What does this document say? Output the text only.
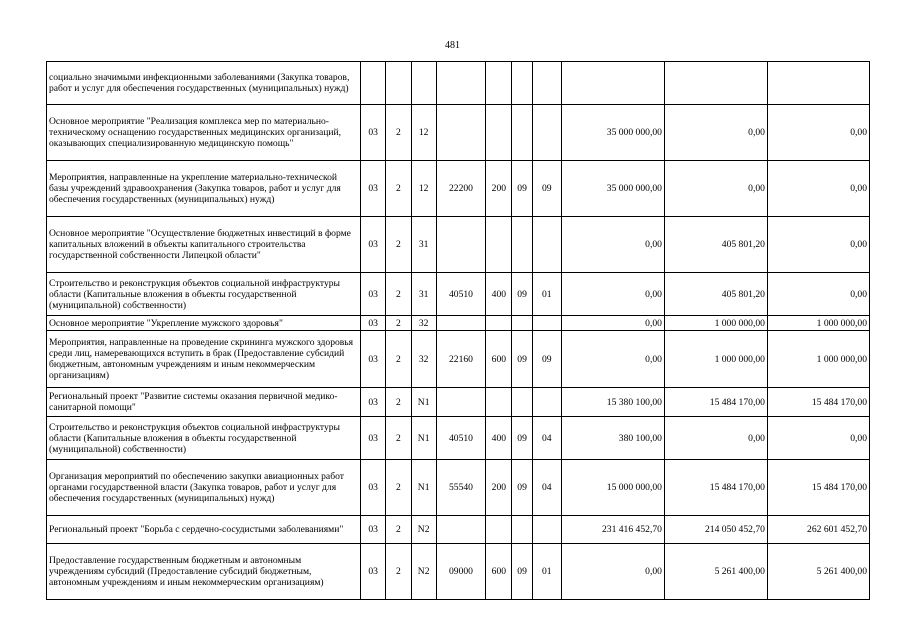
481
социально значимыми инфекционными заболеваниями (Закупка товаров, работ и услуг для обеспечения государственных (муниципальных) нужд)										
Основное мероприятие "Реализация комплекса мер по материально-техническому оснащению государственных медицинских организаций, оказывающих специализированную медицинскую помощь"	03	2	12					35 000 000,00	0,00	0,00
Мероприятия, направленные на укрепление материально-технической базы учреждений здравоохранения (Закупка товаров, работ и услуг для обеспечения государственных (муниципальных) нужд)	03	2	12	22200	200	09	09	35 000 000,00	0,00	0,00
Основное мероприятие "Осуществление бюджетных инвестиций в форме капитальных вложений в объекты капитального строительства государственной собственности Липецкой области"	03	2	31					0,00	405 801,20	0,00
Строительство и реконструкция объектов социальной инфраструктуры области (Капитальные вложения в объекты государственной (муниципальной) собственности)	03	2	31	40510	400	09	01	0,00	405 801,20	0,00
Основное мероприятие "Укрепление мужского здоровья"	03	2	32					0,00	1 000 000,00	1 000 000,00
Мероприятия, направленные на проведение скрининга мужского здоровья среди лиц, намеревающихся вступить в брак (Предоставление субсидий бюджетным, автономным учреждениям и иным некоммерческим организациям)	03	2	32	22160	600	09	09	0,00	1 000 000,00	1 000 000,00
Региональный проект "Развитие системы оказания первичной медико-санитарной помощи"	03	2	N1					15 380 100,00	15 484 170,00	15 484 170,00
Строительство и реконструкция объектов социальной инфраструктуры области (Капитальные вложения в объекты государственной (муниципальной) собственности)	03	2	N1	40510	400	09	04	380 100,00	0,00	0,00
Организация мероприятий по обеспечению закупки авиационных работ органами государственной власти (Закупка товаров, работ и услуг для обеспечения государственных (муниципальных) нужд)	03	2	N1	55540	200	09	04	15 000 000,00	15 484 170,00	15 484 170,00
Региональный проект "Борьба с сердечно-сосудистыми заболеваниями"	03	2	N2					231 416 452,70	214 050 452,70	262 601 452,70
Предоставление государственным бюджетным и автономным учреждениям субсидий (Предоставление субсидий бюджетным, автономным учреждениям и иным некоммерческим организациям)	03	2	N2	09000	600	09	01	0,00	5 261 400,00	5 261 400,00
